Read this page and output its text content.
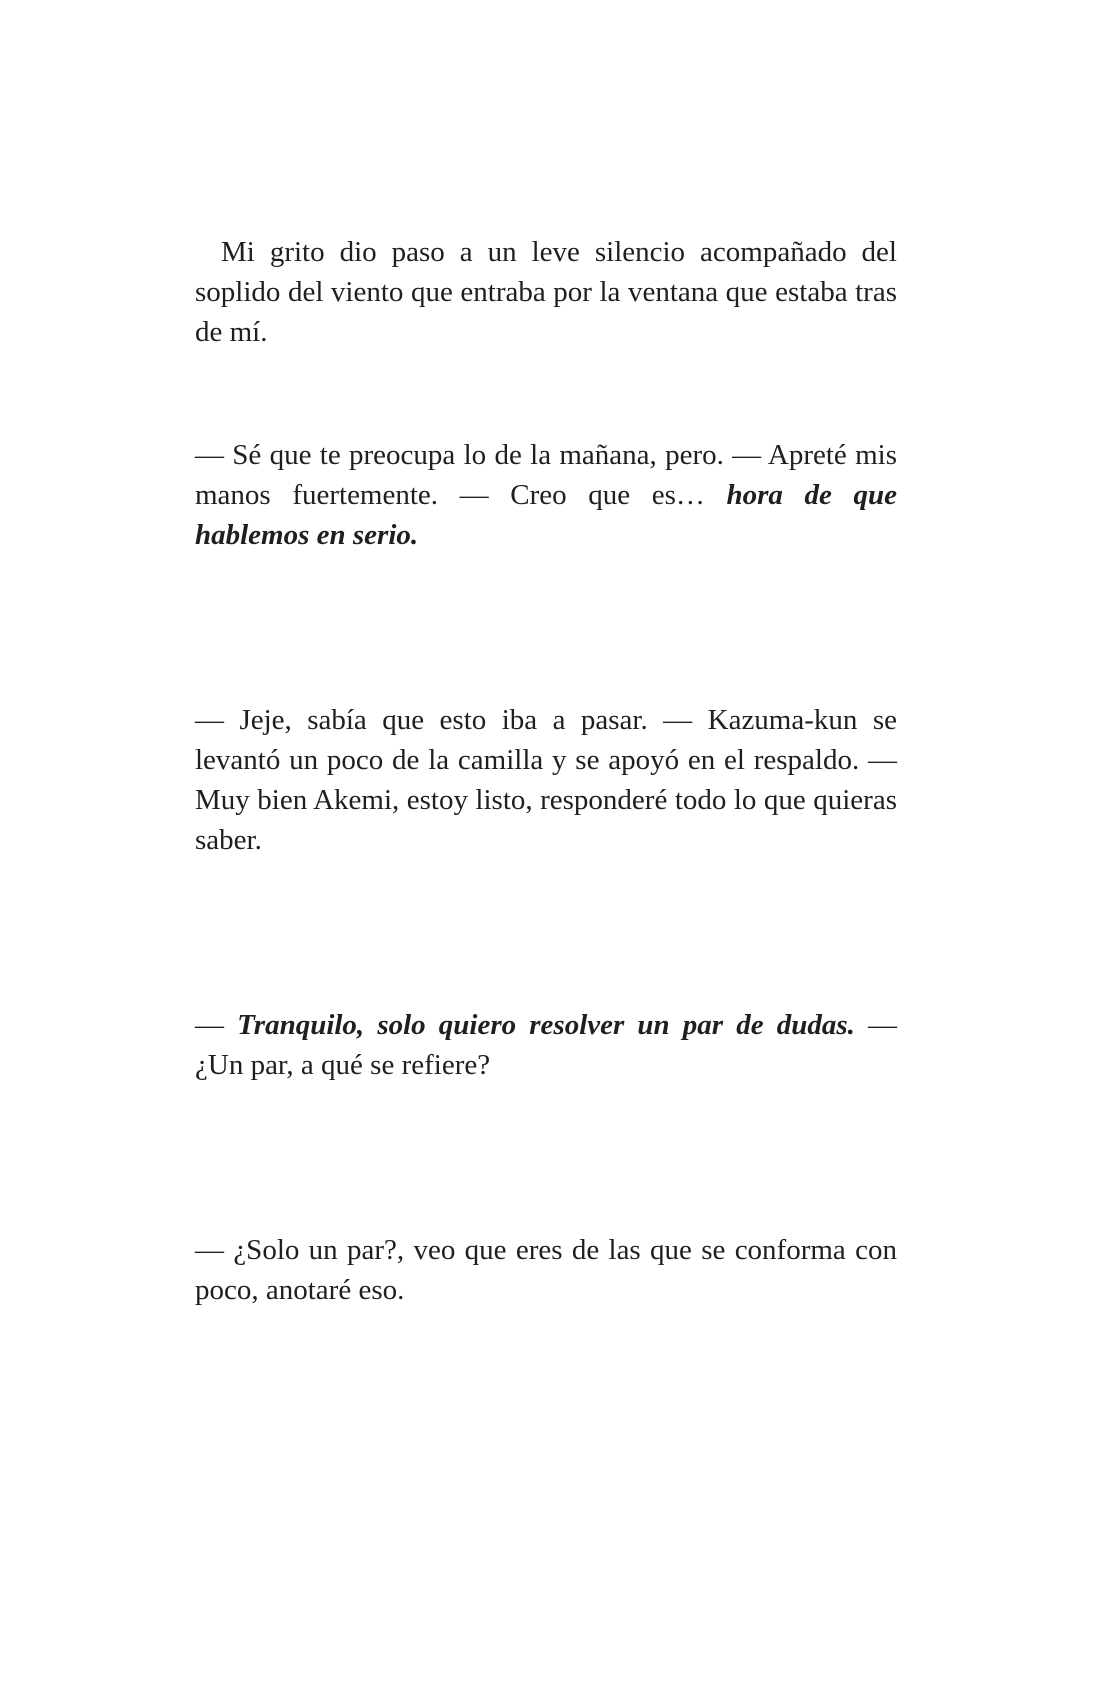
Mi grito dio paso a un leve silencio acompañado del soplido del viento que entraba por la ventana que estaba tras de mí.

— Sé que te preocupa lo de la mañana, pero. — Apreté mis manos fuertemente. — Creo que es… hora de que hablemos en serio.

— Jeje, sabía que esto iba a pasar. — Kazuma-kun se levantó un poco de la camilla y se apoyó en el respaldo. — Muy bien Akemi, estoy listo, responderé todo lo que quieras saber.

— Tranquilo, solo quiero resolver un par de dudas. — ¿Un par, a qué se refiere?

— ¿Solo un par?, veo que eres de las que se conforma con poco, anotaré eso.
